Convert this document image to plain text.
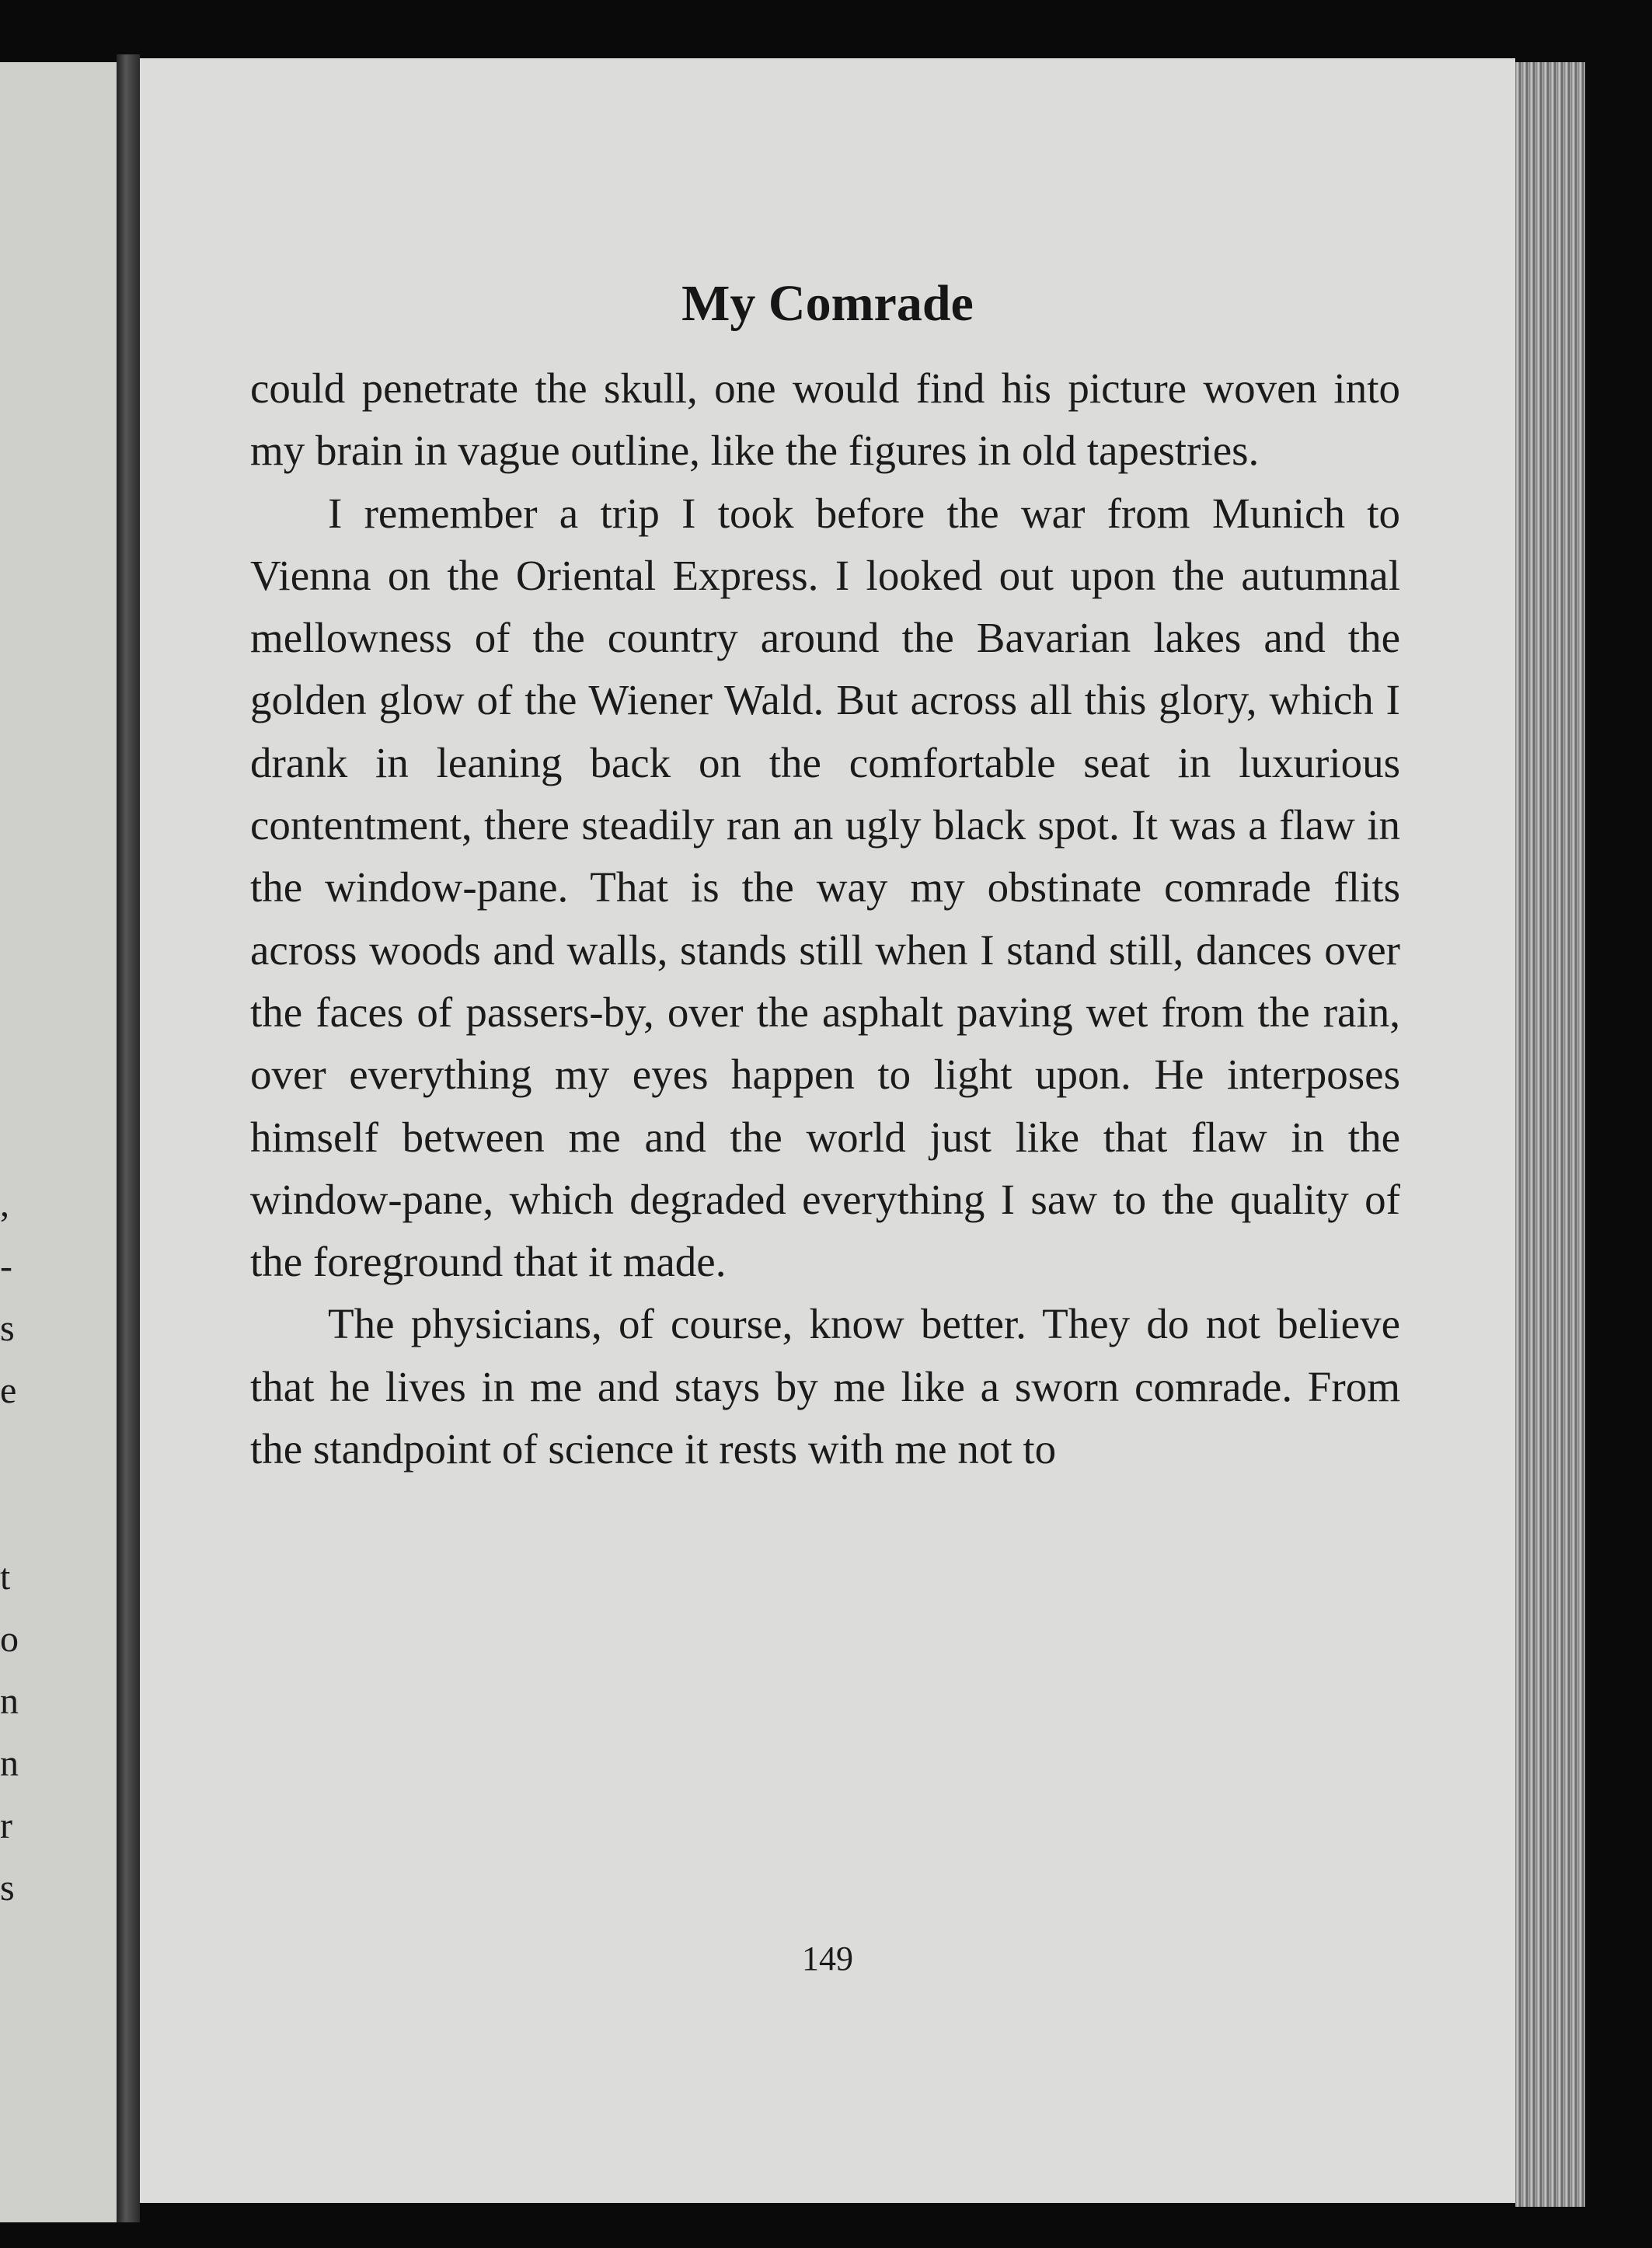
,
-
s
e
t
o
n
n
r
s
My Comrade

could penetrate the skull, one would find his picture woven into my brain in vague outline, like the figures in old tapestries.

I remember a trip I took before the war from Munich to Vienna on the Oriental Express. I looked out upon the autumnal mellowness of the country around the Bavarian lakes and the golden glow of the Wiener Wald. But across all this glory, which I drank in leaning back on the comfortable seat in luxurious contentment, there steadily ran an ugly black spot. It was a flaw in the window-pane. That is the way my obstinate comrade flits across woods and walls, stands still when I stand still, dances over the faces of passers-by, over the asphalt paving wet from the rain, over everything my eyes happen to light upon. He interposes himself between me and the world just like that flaw in the window-pane, which degraded everything I saw to the quality of the foreground that it made.

The physicians, of course, know better. They do not believe that he lives in me and stays by me like a sworn comrade. From the standpoint of science it rests with me not to

149
